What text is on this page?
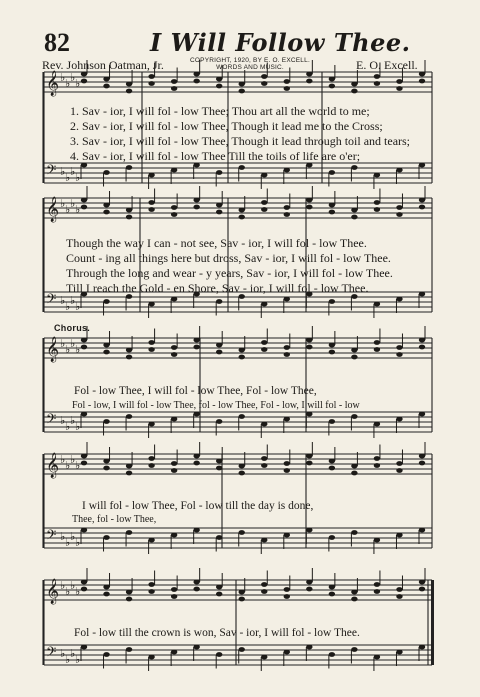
82	I Will Follow Thee.
Rev. Johnson Oatman, Jr.	COPYRIGHT, 1920, BY E. O. EXCELL.
WORDS AND MUSIC.	E. O. Excell.
𝄞 ♭ ♭ ♭ ♭
𝄢 ♭ ♭ ♭ ♭
𝄞 ♭ ♭ ♭ ♭
𝄢 ♭ ♭ ♭ ♭
𝄞 ♭ ♭ ♭ ♭
𝄢 ♭ ♭ ♭ ♭
𝄞 ♭ ♭ ♭ ♭
𝄢 ♭ ♭ ♭ ♭
𝄞 ♭ ♭ ♭ ♭
𝄢 ♭ ♭ ♭ ♭
1. Sav - ior, I will fol - low Thee; Thou art all the world to me;
2. Sav - ior, I will fol - low Thee, Though it lead me to the Cross;
3. Sav - ior, I will fol - low Thee, Though it lead through toil and tears;
4. Sav - ior, I will fol - low Thee Till the toils of life are o'er;
Though the way I can - not see, Sav - ior, I will fol - low Thee.
Count - ing all things here but dross, Sav - ior, I will fol - low Thee.
Through the long and wear - y years, Sav - ior, I will fol - low Thee.
Till I reach the Gold - en Shore, Sav - ior, I will fol - low Thee.
Chorus.
Fol - low Thee, I will fol - low Thee, Fol - low Thee,
Fol - low, I will fol - low Thee, fol - low Thee, Fol - low, I will fol - low
I will fol - low Thee, Fol - low till the day is done,
Thee, fol - low Thee,
Fol - low till the crown is won, Sav - ior, I will fol - low Thee.
